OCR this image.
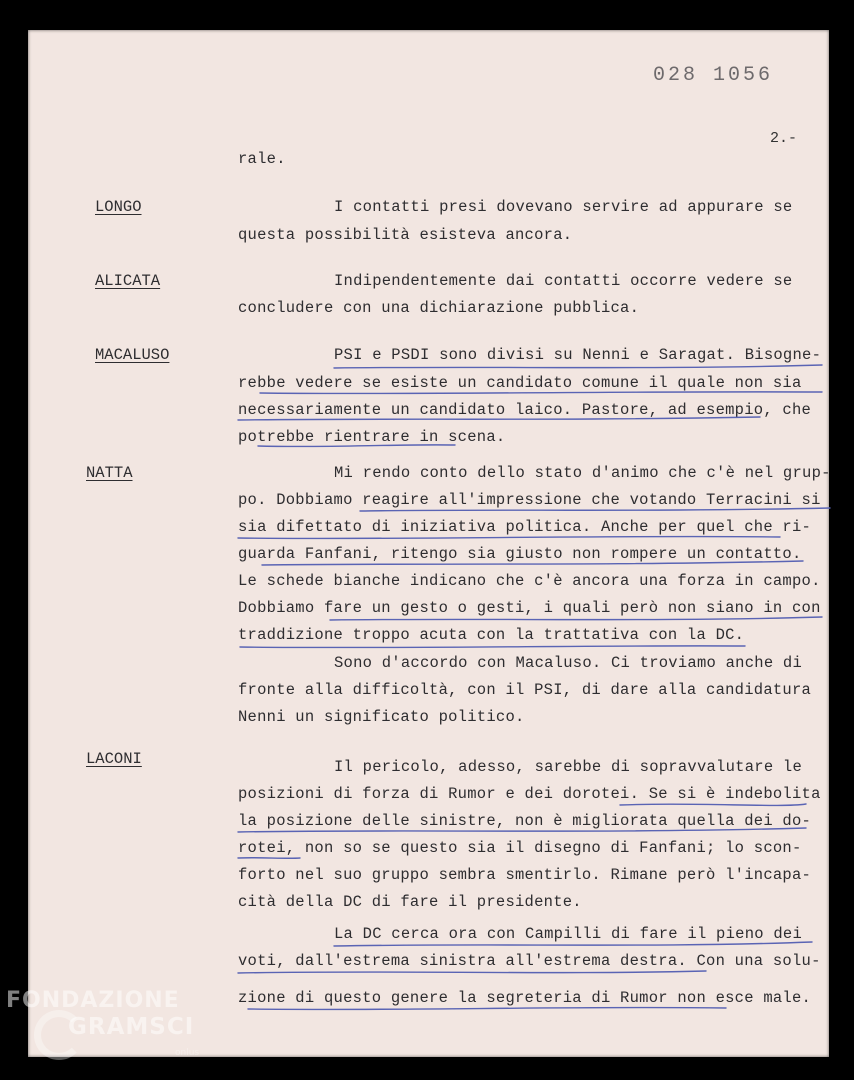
028 1056
2.-
rale.
LONGO	I contatti presi dovevano servire ad appurare se
questa possibilità esisteva ancora.
ALICATA	Indipendentemente dai contatti occorre vedere se
concludere con una dichiarazione pubblica.
MACALUSO	PSI e PSDI sono divisi su Nenni e Saragat. Bisogne-
rebbe vedere se esiste un candidato comune il quale non sia
necessariamente un candidato laico. Pastore, ad esempio, che
potrebbe rientrare in scena.
NATTA	Mi rendo conto dello stato d'animo che c'è nel grup-
po. Dobbiamo reagire all'impressione che votando Terracini si
sia difettato di iniziativa politica. Anche per quel che ri-
guarda Fanfani, ritengo sia giusto non rompere un contatto.
Le schede bianche indicano che c'è ancora una forza in campo.
Dobbiamo fare un gesto o gesti, i quali però non siano in con
traddizione troppo acuta con la trattativa con la DC.
Sono d'accordo con Macaluso. Ci troviamo anche di
fronte alla difficoltà, con il PSI, di dare alla candidatura
Nenni un significato politico.
LACONI	Il pericolo, adesso, sarebbe di sopravvalutare le
posizioni di forza di Rumor e dei dorotei. Se si è indebolita
la posizione delle sinistre, non è migliorata quella dei do-
rotei, non so se questo sia il disegno di Fanfani; lo scon-
forto nel suo gruppo sembra smentirlo. Rimane però l'incapa-
cità della DC di fare il presidente.
La DC cerca ora con Campilli di fare il pieno dei
voti, dall'estrema sinistra all'estrema destra. Con una solu-
zione di questo genere la segreteria di Rumor non esce male.
FONDAZIONE
GRAMSCI
onlus
